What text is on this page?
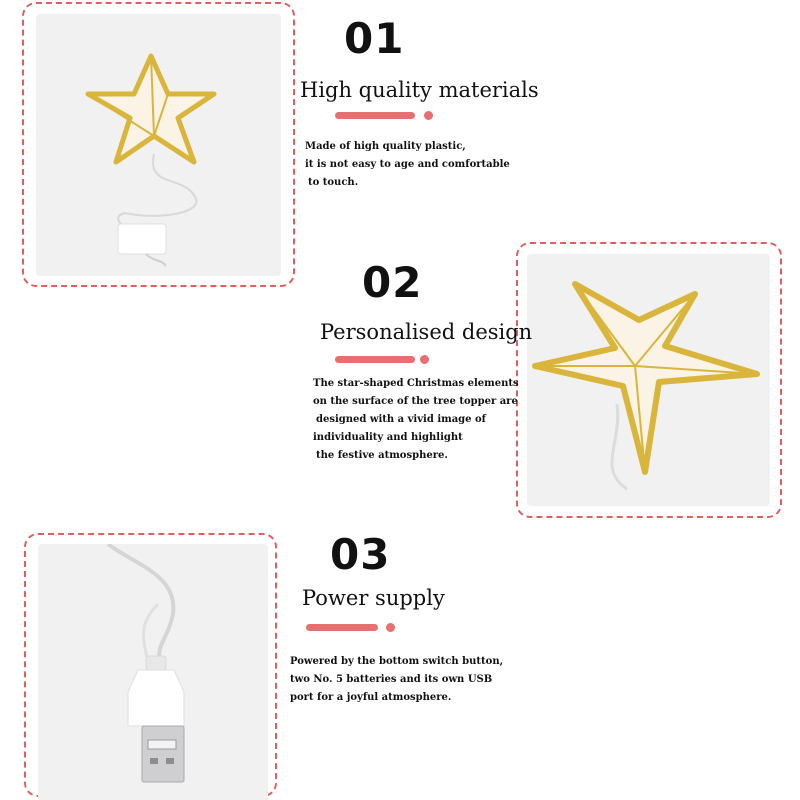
01
High quality materials
Made of high quality plastic,
it is not easy to age and comfortable
to touch.
02
Personalised design
The star-shaped Christmas elements
on the surface of the tree topper are
designed with a vivid image of
individuality and highlight
the festive atmosphere.
03
Power supply
Powered by the bottom switch button,
two No. 5 batteries and its own USB
port for a joyful atmosphere.
